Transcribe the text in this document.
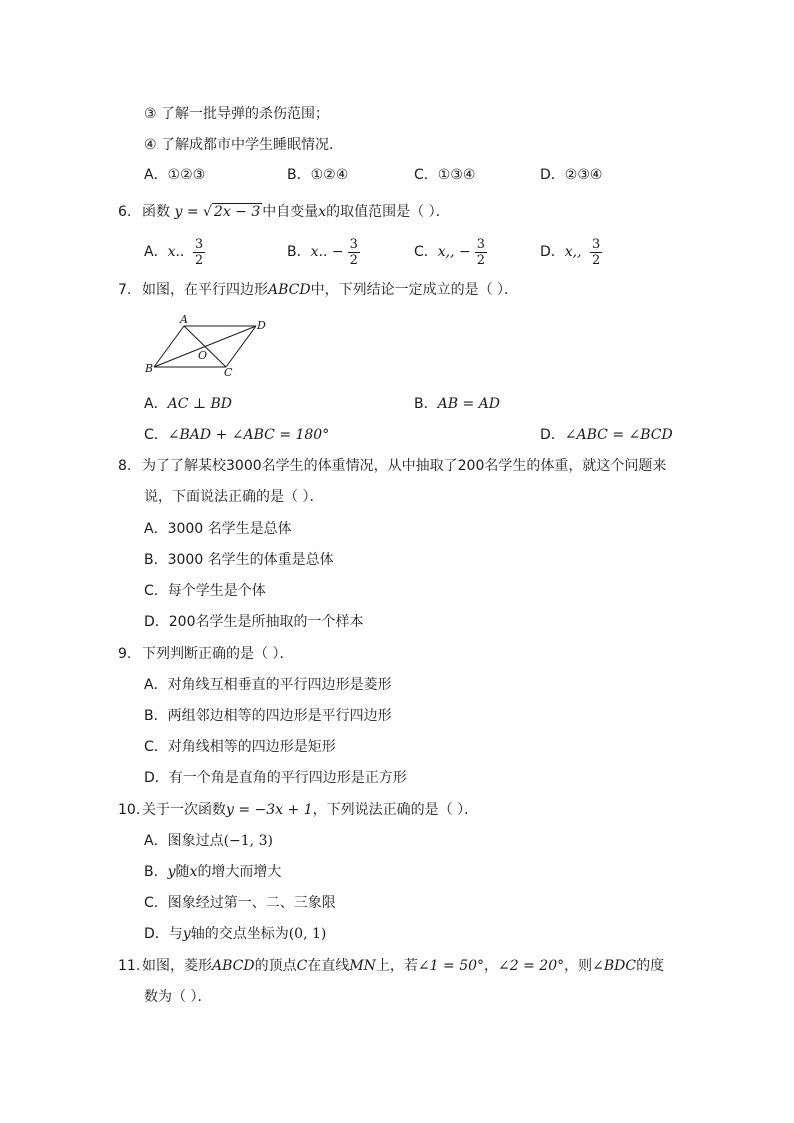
③ 了解一批导弹的杀伤范围；
④ 了解成都市中学生睡眠情况．
A．①②③	B．①②④	C．①③④	D．②③④
6. 函数 y = √ 2x − 3 中自变量x的取值范围是（ ）．
A．x.. $\frac{3}{2}$	B．x.. − $\frac{3}{2}$	C．x,, − $\frac{3}{2}$	D．x,, $\frac{3}{2}$
7. 如图，在平行四边形ABCD中，下列结论一定成立的是（ ）．
A	D
B	C
O
A．AC ⊥ BD	B．AB = AD
C．∠BAD + ∠ABC = 180°	D．∠ABC = ∠BCD
8. 为了了解某校3000名学生的体重情况，从中抽取了200名学生的体重，就这个问题来
说，下面说法正确的是（ ）．
A．3000 名学生是总体
B．3000 名学生的体重是总体
C．每个学生是个体
D．200名学生是所抽取的一个样本
9. 下列判断正确的是（ ）．
A．对角线互相垂直的平行四边形是菱形
B．两组邻边相等的四边形是平行四边形
C．对角线相等的四边形是矩形
D．有一个角是直角的平行四边形是正方形
10. 关于一次函数y = −3x + 1，下列说法正确的是（ ）．
A．图象过点(−1, 3)
B．y随x的增大而增大
C．图象经过第一、二、三象限
D．与y轴的交点坐标为(0, 1)
11. 如图，菱形ABCD的顶点C在直线MN上，若∠1 = 50°，∠2 = 20°，则∠BDC的度
数为（ ）．
